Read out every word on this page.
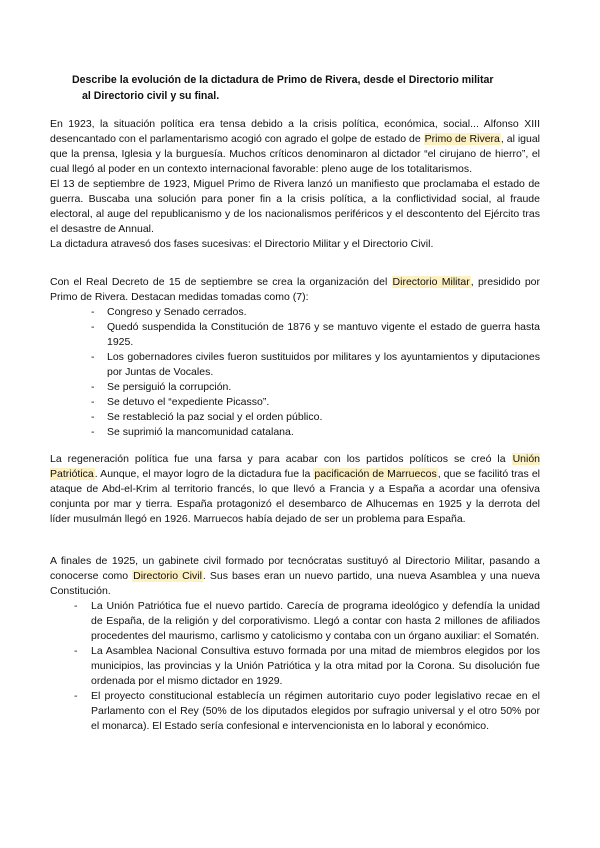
Describe la evolución de la dictadura de Primo de Rivera, desde el Directorio militar
al Directorio civil y su final.

En 1923, la situación política era tensa debido a la crisis política, económica, social... Alfonso XIII desencantado con el parlamentarismo acogió con agrado el golpe de estado de Primo de Rivera, al igual que la prensa, Iglesia y la burguesía. Muchos críticos denominaron al dictador “el cirujano de hierro”, el cual llegó al poder en un contexto internacional favorable: pleno auge de los totalitarismos.

El 13 de septiembre de 1923, Miguel Primo de Rivera lanzó un manifiesto que proclamaba el estado de guerra. Buscaba una solución para poner fin a la crisis política, a la conflictividad social, al fraude electoral, al auge del republicanismo y de los nacionalismos periféricos y el descontento del Ejército tras el desastre de Annual.

La dictadura atravesó dos fases sucesivas: el Directorio Militar y el Directorio Civil.

Con el Real Decreto de 15 de septiembre se crea la organización del Directorio Militar, presidido por Primo de Rivera. Destacan medidas tomadas como (7):

- Congreso y Senado cerrados.
- Quedó suspendida la Constitución de 1876 y se mantuvo vigente el estado de guerra hasta 1925.
- Los gobernadores civiles fueron sustituidos por militares y los ayuntamientos y diputaciones por Juntas de Vocales.
- Se persiguió la corrupción.
- Se detuvo el “expediente Picasso”.
- Se restableció la paz social y el orden público.
- Se suprimió la mancomunidad catalana.

La regeneración política fue una farsa y para acabar con los partidos políticos se creó la Unión Patriótica. Aunque, el mayor logro de la dictadura fue la pacificación de Marruecos, que se facilitó tras el ataque de Abd-el-Krim al territorio francés, lo que llevó a Francia y a España a acordar una ofensiva conjunta por mar y tierra. España protagonizó el desembarco de Alhucemas en 1925 y la derrota del líder musulmán llegó en 1926. Marruecos había dejado de ser un problema para España.

A finales de 1925, un gabinete civil formado por tecnócratas sustituyó al Directorio Militar, pasando a conocerse como Directorio Civil. Sus bases eran un nuevo partido, una nueva Asamblea y una nueva Constitución.

- La Unión Patriótica fue el nuevo partido. Carecía de programa ideológico y defendía la unidad de España, de la religión y del corporativismo. Llegó a contar con hasta 2 millones de afiliados procedentes del maurismo, carlismo y catolicismo y contaba con un órgano auxiliar: el Somatén.
- La Asamblea Nacional Consultiva estuvo formada por una mitad de miembros elegidos por los municipios, las provincias y la Unión Patriótica y la otra mitad por la Corona. Su disolución fue ordenada por el mismo dictador en 1929.
- El proyecto constitucional establecía un régimen autoritario cuyo poder legislativo recae en el Parlamento con el Rey (50% de los diputados elegidos por sufragio universal y el otro 50% por el monarca). El Estado sería confesional e intervencionista en lo laboral y económico.
